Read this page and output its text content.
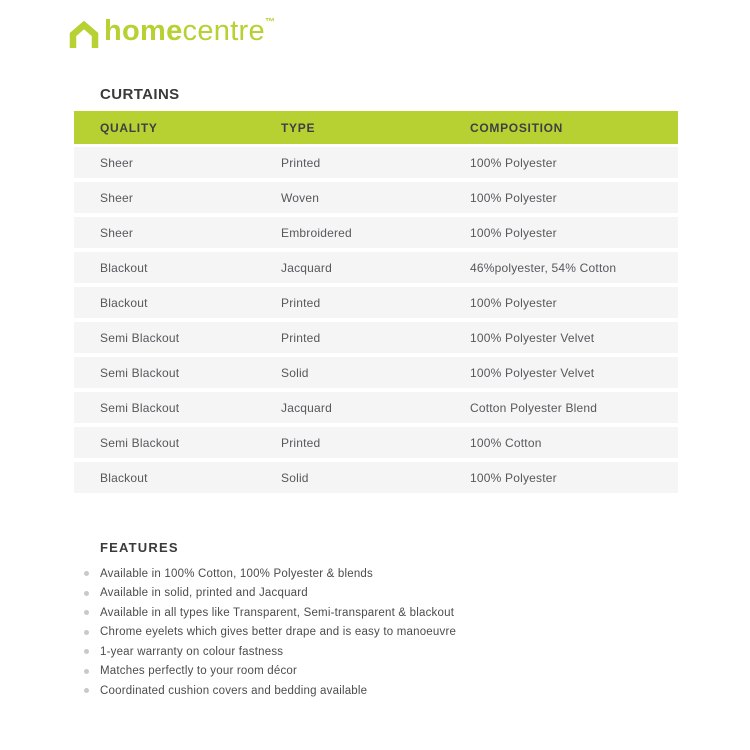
homecentre™
CURTAINS
QUALITY	TYPE	COMPOSITION
Sheer	Printed	100% Polyester
Sheer	Woven	100% Polyester
Sheer	Embroidered	100% Polyester
Blackout	Jacquard	46%polyester, 54% Cotton
Blackout	Printed	100% Polyester
Semi Blackout	Printed	100% Polyester Velvet
Semi Blackout	Solid	100% Polyester Velvet
Semi Blackout	Jacquard	Cotton Polyester Blend
Semi Blackout	Printed	100% Cotton
Blackout	Solid	100% Polyester
FEATURES
Available in 100% Cotton, 100% Polyester & blends
Available in solid, printed and Jacquard
Available in all types like Transparent, Semi-transparent & blackout
Chrome eyelets which gives better drape and is easy to manoeuvre
1-year warranty on colour fastness
Matches perfectly to your room décor
Coordinated cushion covers and bedding available
